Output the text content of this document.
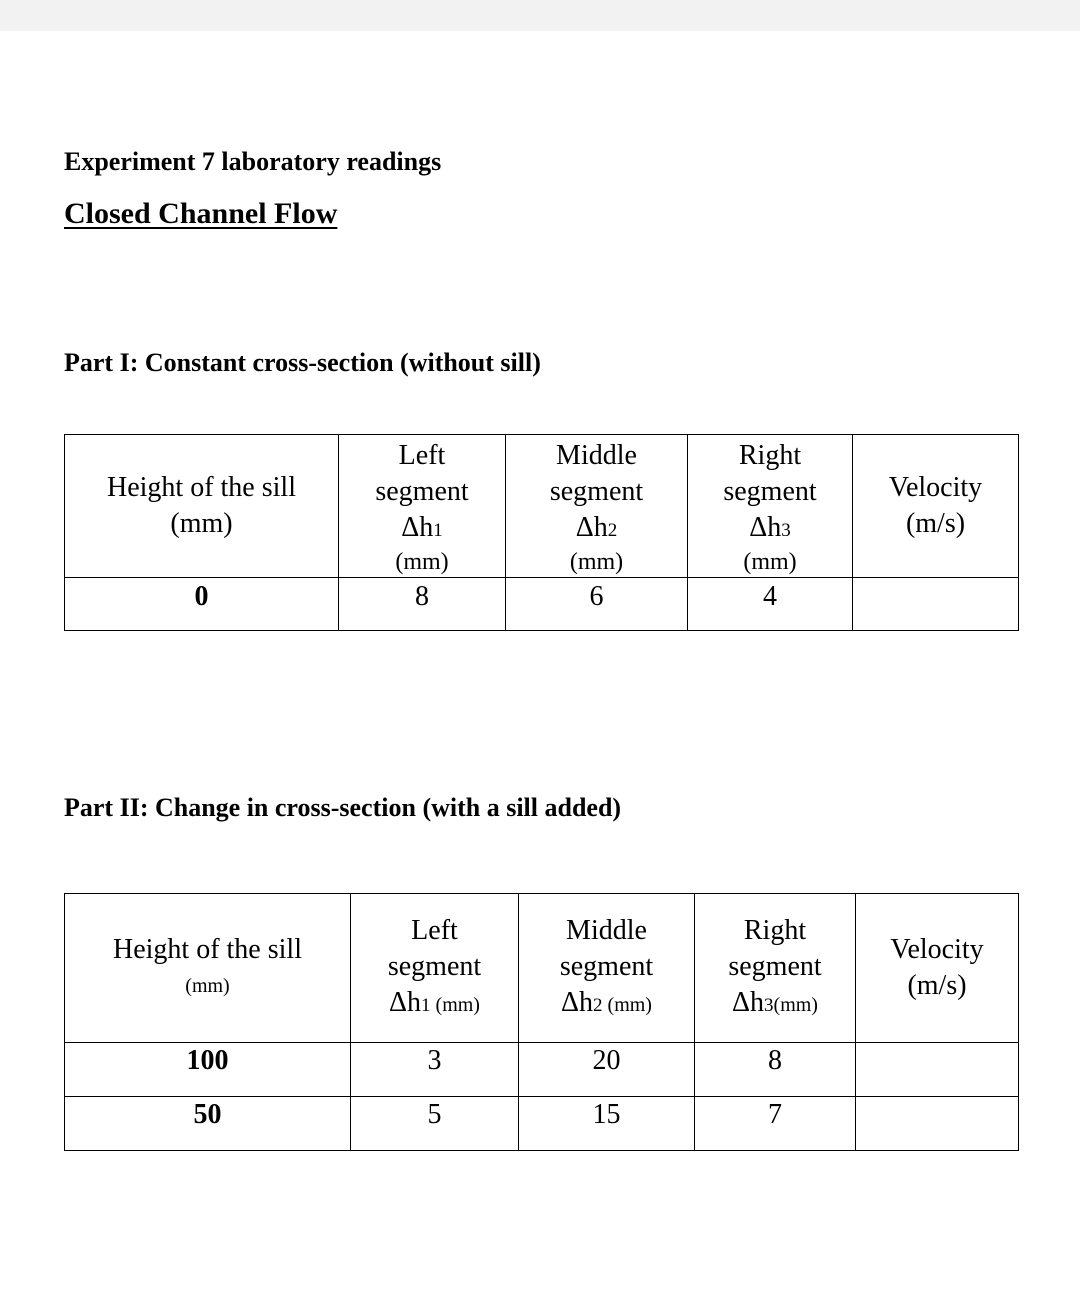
Experiment 7 laboratory readings

Closed Channel Flow

Part I: Constant cross-section (without sill)

Height of the sill
(mm)	Left
segment
Δh1
(mm)	Middle
segment
Δh2
(mm)	Right
segment
Δh3
(mm)	Velocity
(m/s)

0	8	6	4	

Part II: Change in cross-section (with a sill added)

Height of the sill
(mm)	Left
segment
Δh1 (mm)	Middle
segment
Δh2 (mm)	Right
segment
Δh3(mm)	Velocity
(m/s)

100	3	20	8	
50	5	15	7	
